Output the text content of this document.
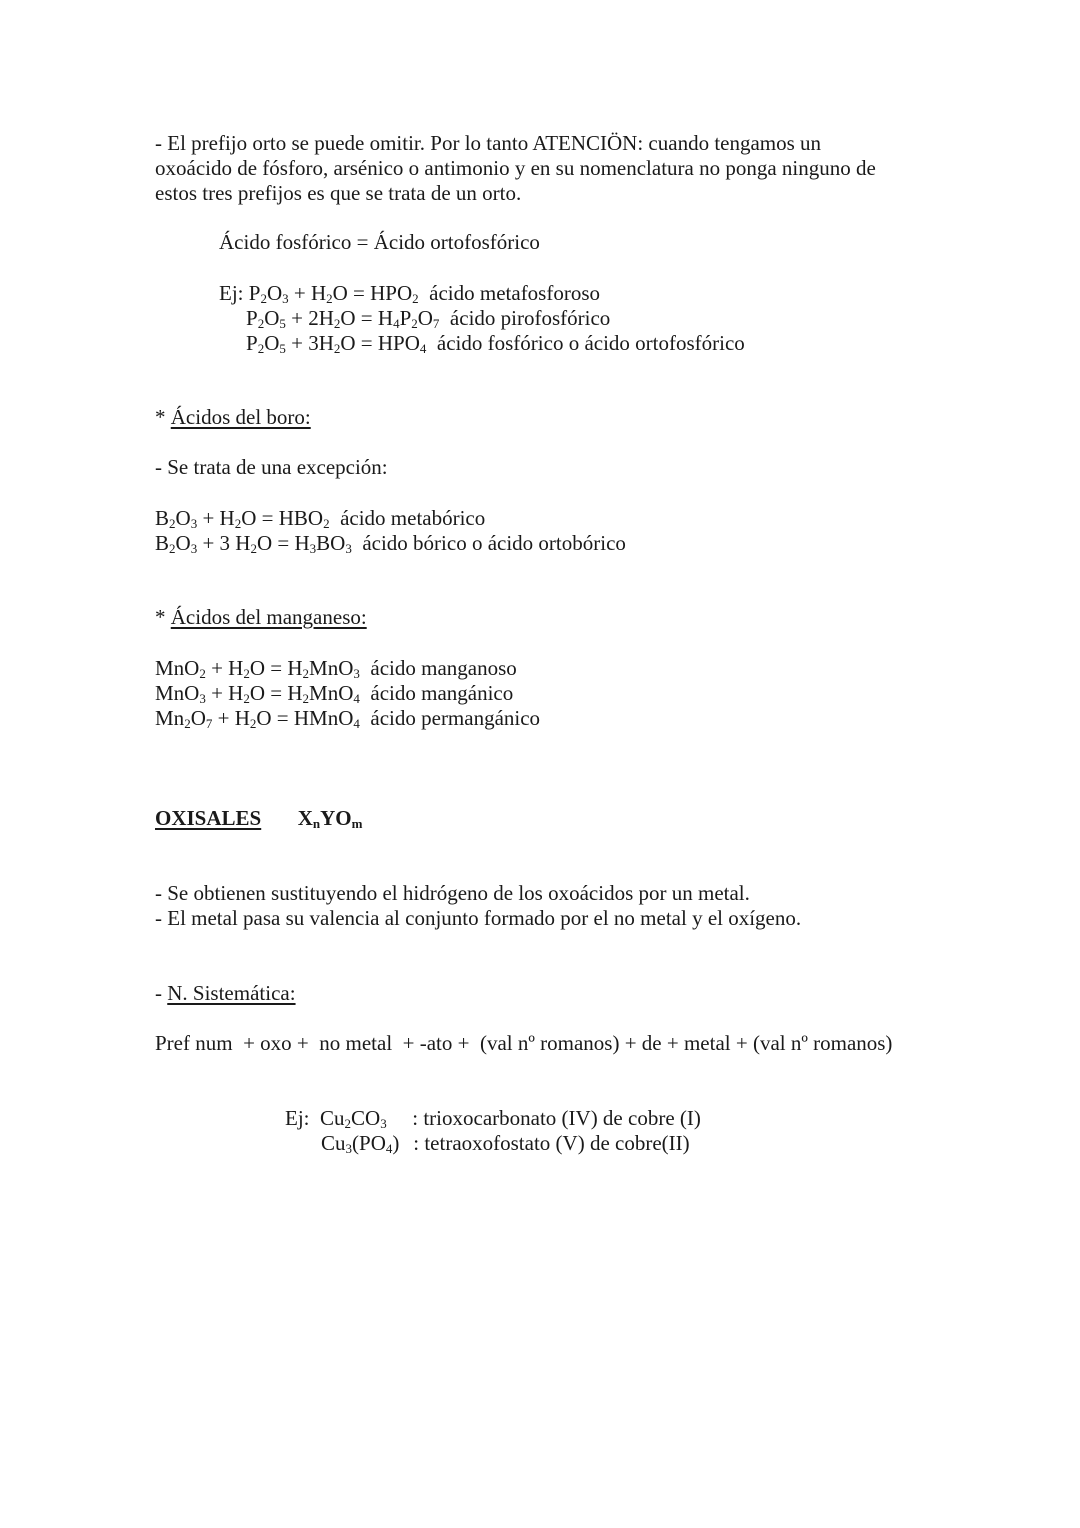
- El prefijo orto se puede omitir. Por lo tanto ATENCIÖN: cuando tengamos un
oxoácido de fósforo, arsénico o antimonio y en su nomenclatura no ponga ninguno de
estos tres prefijos es que se trata de un orto.
Ácido fosfórico = Ácido ortofosfórico
Ej: $P_2O_3 + H_2O = HPO_2$ ácido metafosforoso
$P_2O_5 + 2H_2O = H_4P_2O_7$ ácido pirofosfórico
$P_2O_5 + 3H_2O = HPO_4$ ácido fosfórico o ácido ortofosfórico
* Ácidos del boro:
- Se trata de una excepción:
$B_2O_3 + H_2O = HBO_2$ ácido metabórico
$B_2O_3 + 3$ $H_2O = H_3BO_3$ ácido bórico o ácido ortobórico
* Ácidos del manganeso:
$MnO_2 + H_2O = H_2MnO_3$ ácido manganoso
$MnO_3 + H_2O = H_2MnO_4$ ácido mangánico
$Mn_2O_7 + H_2O$ = HMnO$_4$ ácido permangánico
OXISALES $X_nYO_m$
- Se obtienen sustituyendo el hidrógeno de los oxoácidos por un metal.
- El metal pasa su valencia al conjunto formado por el no metal y el oxígeno.
- N. Sistemática:
Pref num  + oxo +  no metal  + -ato +  (val nº romanos) + de + metal + (val nº romanos)
Ej: $Cu_2CO_3$ : trioxocarbonato (IV) de cobre (I)
$Cu_3(PO_4)$ : tetraoxofostato (V) de cobre(II)
